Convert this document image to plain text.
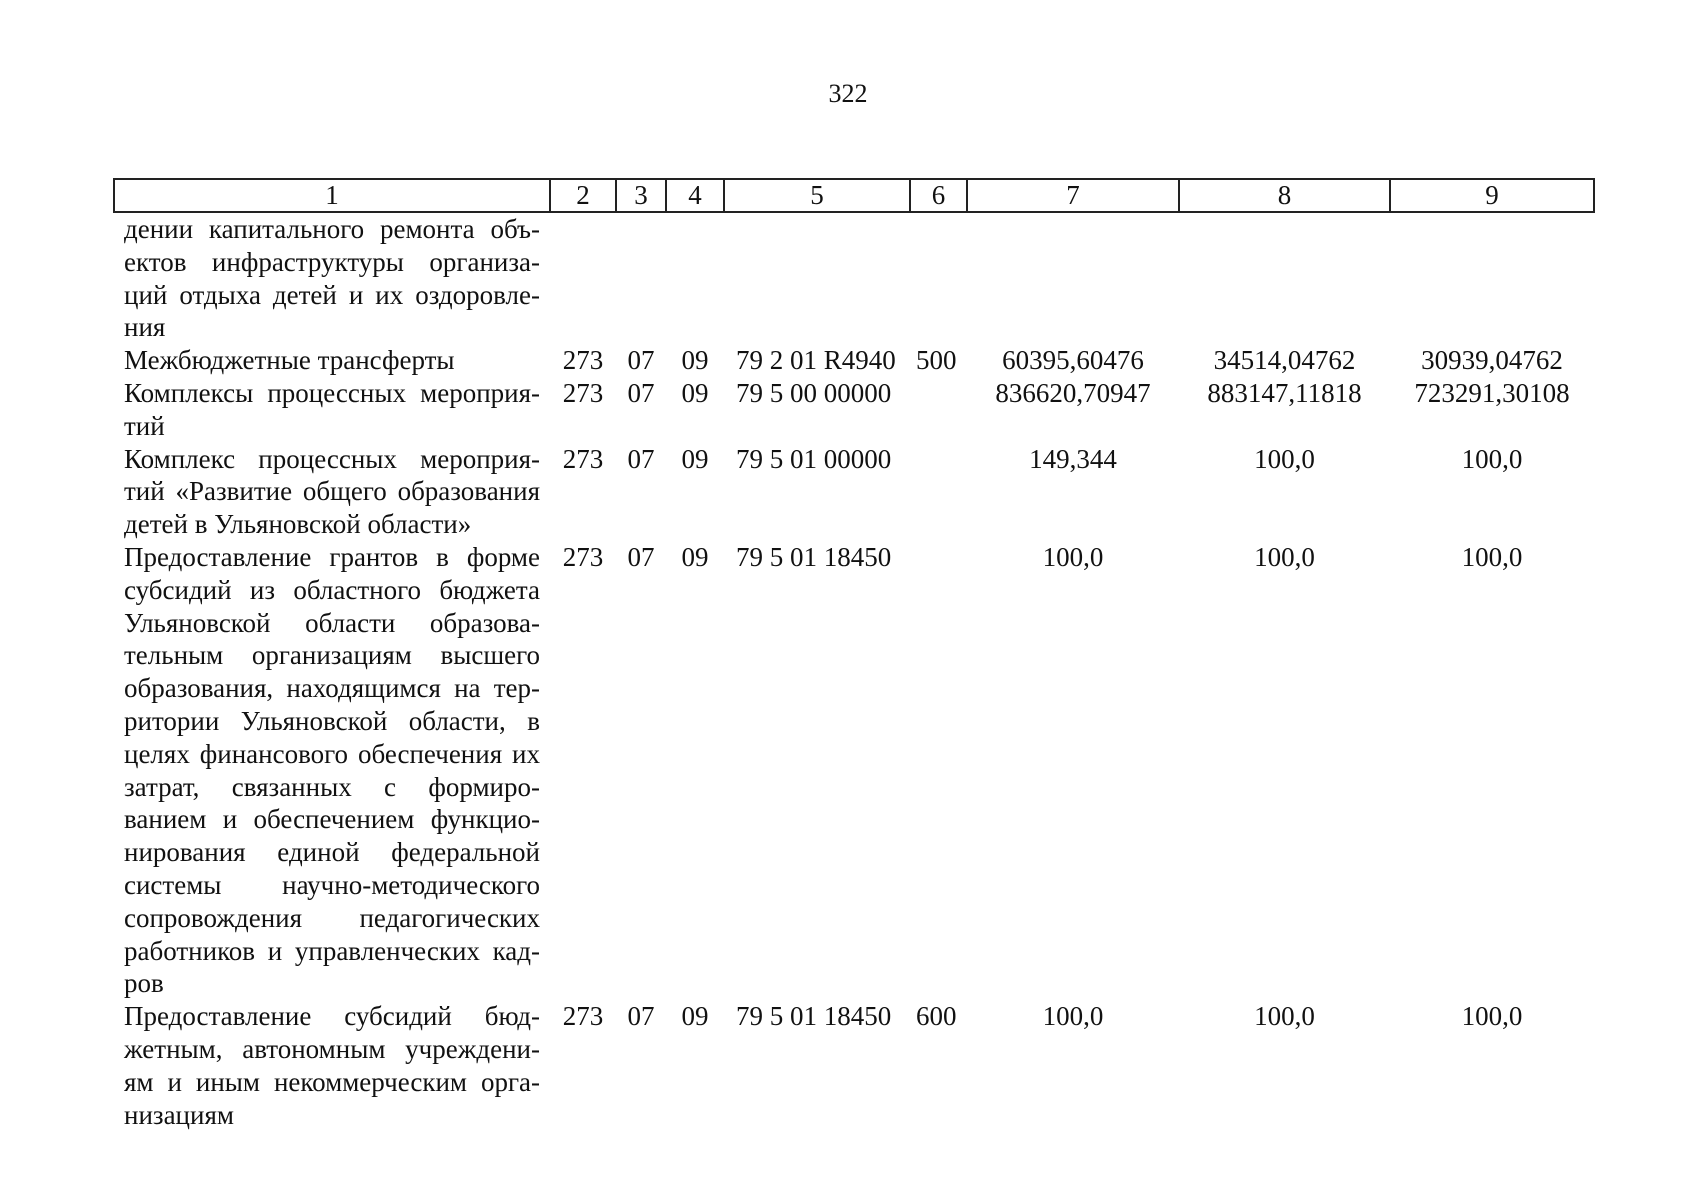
322
1	2	3	4	5	6	7	8	9
дении капитального ремонта объ-ектов инфраструктуры организа-ций отдыха детей и их оздоровле-ния								
Межбюджетные трансферты	273	07	09	79 2 01 R4940	500	60395,60476	34514,04762	30939,04762
Комплексы процессных мероприя-тий	273	07	09	79 5 00 00000		836620,70947	883147,11818	723291,30108
Комплекс процессных мероприя-тий «Развитие общего образования детей в Ульяновской области»	273	07	09	79 5 01 00000		149,344	100,0	100,0
Предоставление грантов в форме субсидий из областного бюджета Ульяновской области образова-тельным организациям высшего образования, находящимся на тер-ритории Ульяновской области, в целях финансового обеспечения их затрат, связанных с формиро-ванием и обеспечением функцио-нирования единой федеральной системы научно-методического сопровождения педагогических работников и управленческих кад-ров	273	07	09	79 5 01 18450		100,0	100,0	100,0
Предоставление субсидий бюд-жетным, автономным учреждени-ям и иным некоммерческим орга-низациям	273	07	09	79 5 01 18450	600	100,0	100,0	100,0
